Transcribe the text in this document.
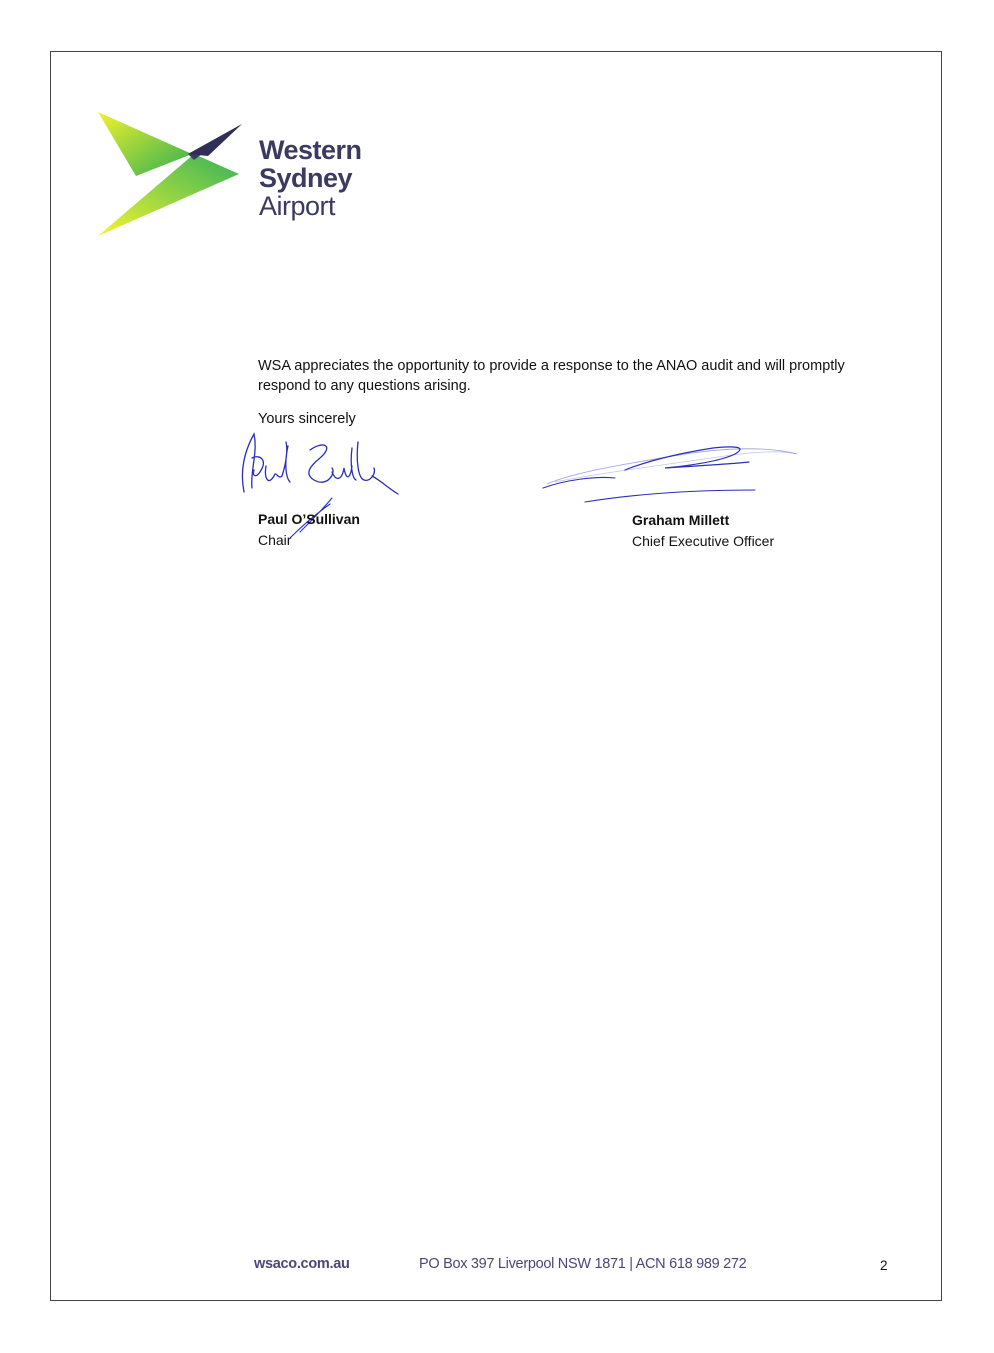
Western
Sydney
Airport
WSA appreciates the opportunity to provide a response to the ANAO audit and will promptly respond to any questions arising.
Yours sincerely
Paul O’Sullivan
Chair
Graham Millett
Chief Executive Officer
wsaco.com.au	PO Box 397 Liverpool NSW 1871 | ACN 618 989 272	2
